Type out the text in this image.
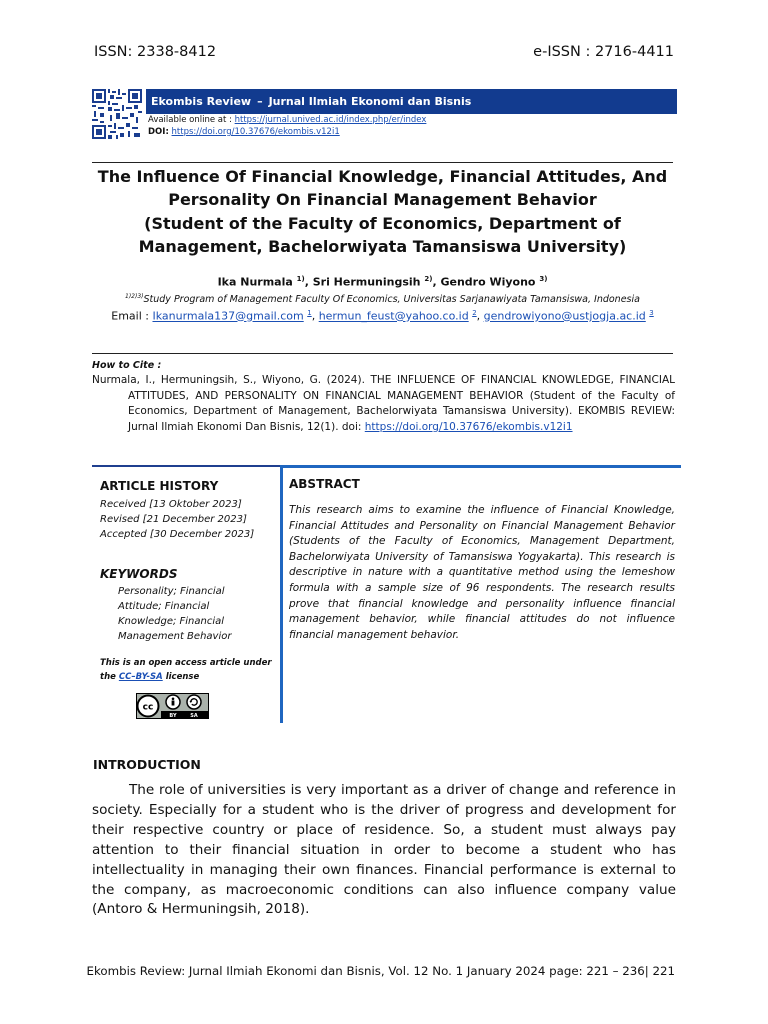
ISSN: 2338-8412	e-ISSN : 2716-4411
Ekombis Review – Jurnal Ilmiah Ekonomi dan Bisnis
Available online at : https://jurnal.unived.ac.id/index.php/er/index
DOI: https://doi.org/10.37676/ekombis.v12i1
The Influence Of Financial Knowledge, Financial Attitudes, And
Personality On Financial Management Behavior
(Student of the Faculty of Economics, Department of
Management, Bachelorwiyata Tamansiswa University)
Ika Nurmala $^{1)}$, Sri Hermuningsih $^{2)}$, Gendro Wiyono $^{3)}$
$^{1)2)3)}$Study Program of Management Faculty Of Economics, Universitas Sarjanawiyata Tamansiswa, Indonesia
Email : Ikanurmala137@gmail.com $^1$, hermun_feust@yahoo.co.id $^2$, gendrowiyono@ustjogja.ac.id $^3$
How to Cite :

Nurmala, I., Hermuningsih, S., Wiyono, G. (2024). THE INFLUENCE OF FINANCIAL KNOWLEDGE, FINANCIAL ATTITUDES, AND PERSONALITY ON FINANCIAL MANAGEMENT BEHAVIOR (Student of the Faculty of Economics, Department of Management, Bachelorwiyata Tamansiswa University). EKOMBIS REVIEW: Jurnal Ilmiah Ekonomi Dan Bisnis, 12(1). doi: https://doi.org/10.37676/ekombis.v12i1

ARTICLE HISTORY
Received [13 Oktober 2023]
Revised [21 December 2023]
Accepted [30 December 2023]
KEYWORDS
Personality; Financial Attitude; Financial Knowledge; Financial Management Behavior
This is an open access article under the CC–BY-SA license
cc
BY	SA
ABSTRACT
This research aims to examine the influence of Financial Knowledge, Financial Attitudes and Personality on Financial Management Behavior (Students of the Faculty of Economics, Management Department, Bachelorwiyata University of Tamansiswa Yogyakarta). This research is descriptive in nature with a quantitative method using the lemeshow formula with a sample size of 96 respondents. The research results prove that financial knowledge and personality influence financial management behavior, while financial attitudes do not influence financial management behavior.
INTRODUCTION

The role of universities is very important as a driver of change and reference in society. Especially for a student who is the driver of progress and development for their respective country or place of residence. So, a student must always pay attention to their financial situation in order to become a student who has intellectuality in managing their own finances. Financial performance is external to the company, as macroeconomic conditions can also influence company value (Antoro & Hermuningsih, 2018).

Ekombis Review: Jurnal Ilmiah Ekonomi dan Bisnis, Vol. 12 No. 1 January 2024 page: 221 – 236| 221
